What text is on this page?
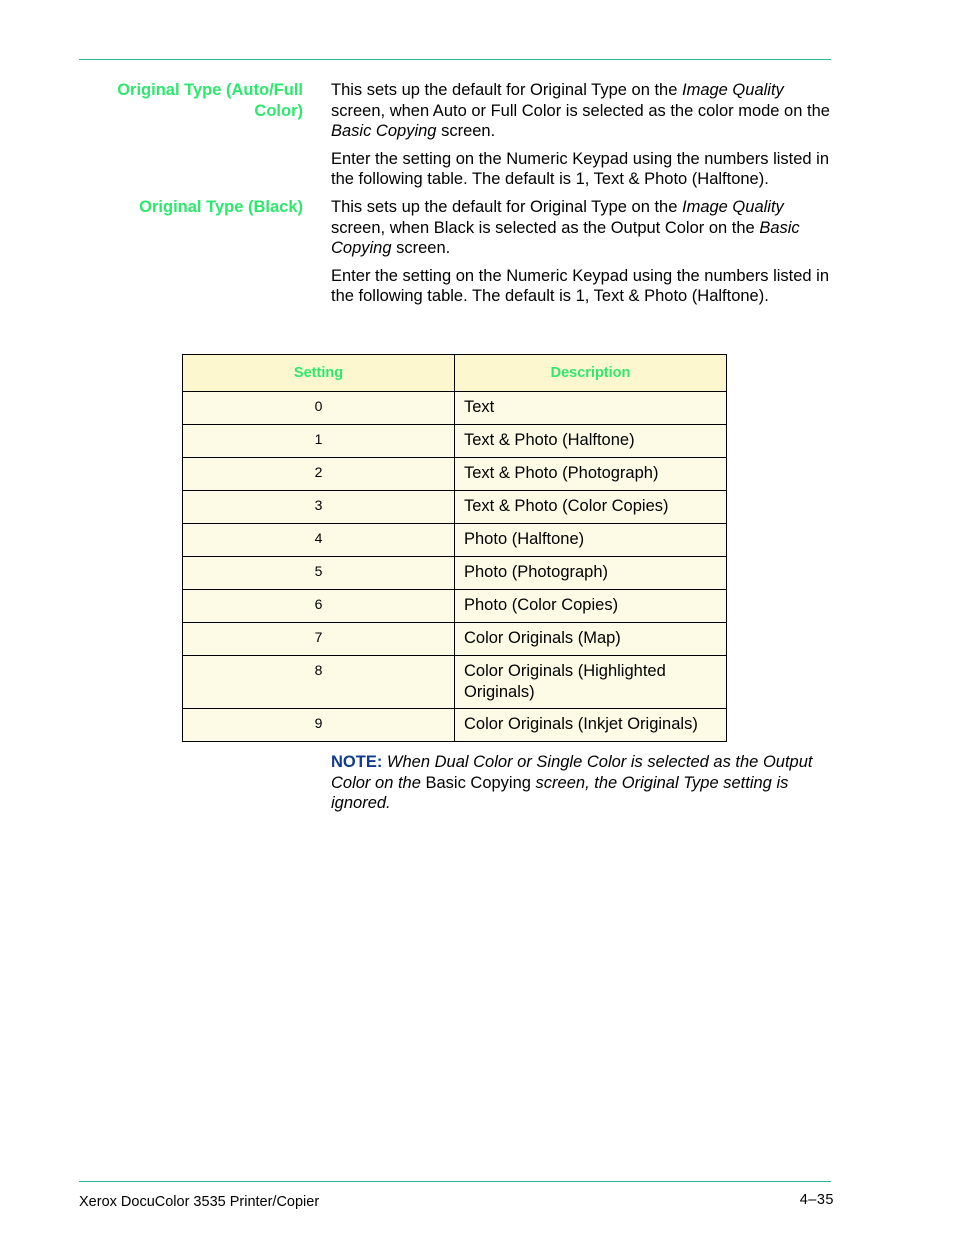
Original Type (Auto/Full
Color)

This sets up the default for Original Type on the Image Quality screen, when Auto or Full Color is selected as the color mode on the Basic Copying screen.

Enter the setting on the Numeric Keypad using the numbers listed in the following table. The default is 1, Text & Photo (Halftone).

Original Type (Black) This sets up the default for Original Type on the Image Quality screen, when Black is selected as the Output Color on the Basic Copying screen.

Enter the setting on the Numeric Keypad using the numbers listed in the following table. The default is 1, Text & Photo (Halftone).

Setting	Description
0	Text
1	Text & Photo (Halftone)
2	Text & Photo (Photograph)
3	Text & Photo (Color Copies)
4	Photo (Halftone)
5	Photo (Photograph)
6	Photo (Color Copies)
7	Color Originals (Map)
8	Color Originals (Highlighted Originals)
9	Color Originals (Inkjet Originals)
NOTE: When Dual Color or Single Color is selected as the Output Color on the Basic Copying screen, the Original Type setting is ignored.
Xerox DocuColor 3535 Printer/Copier	4–35
